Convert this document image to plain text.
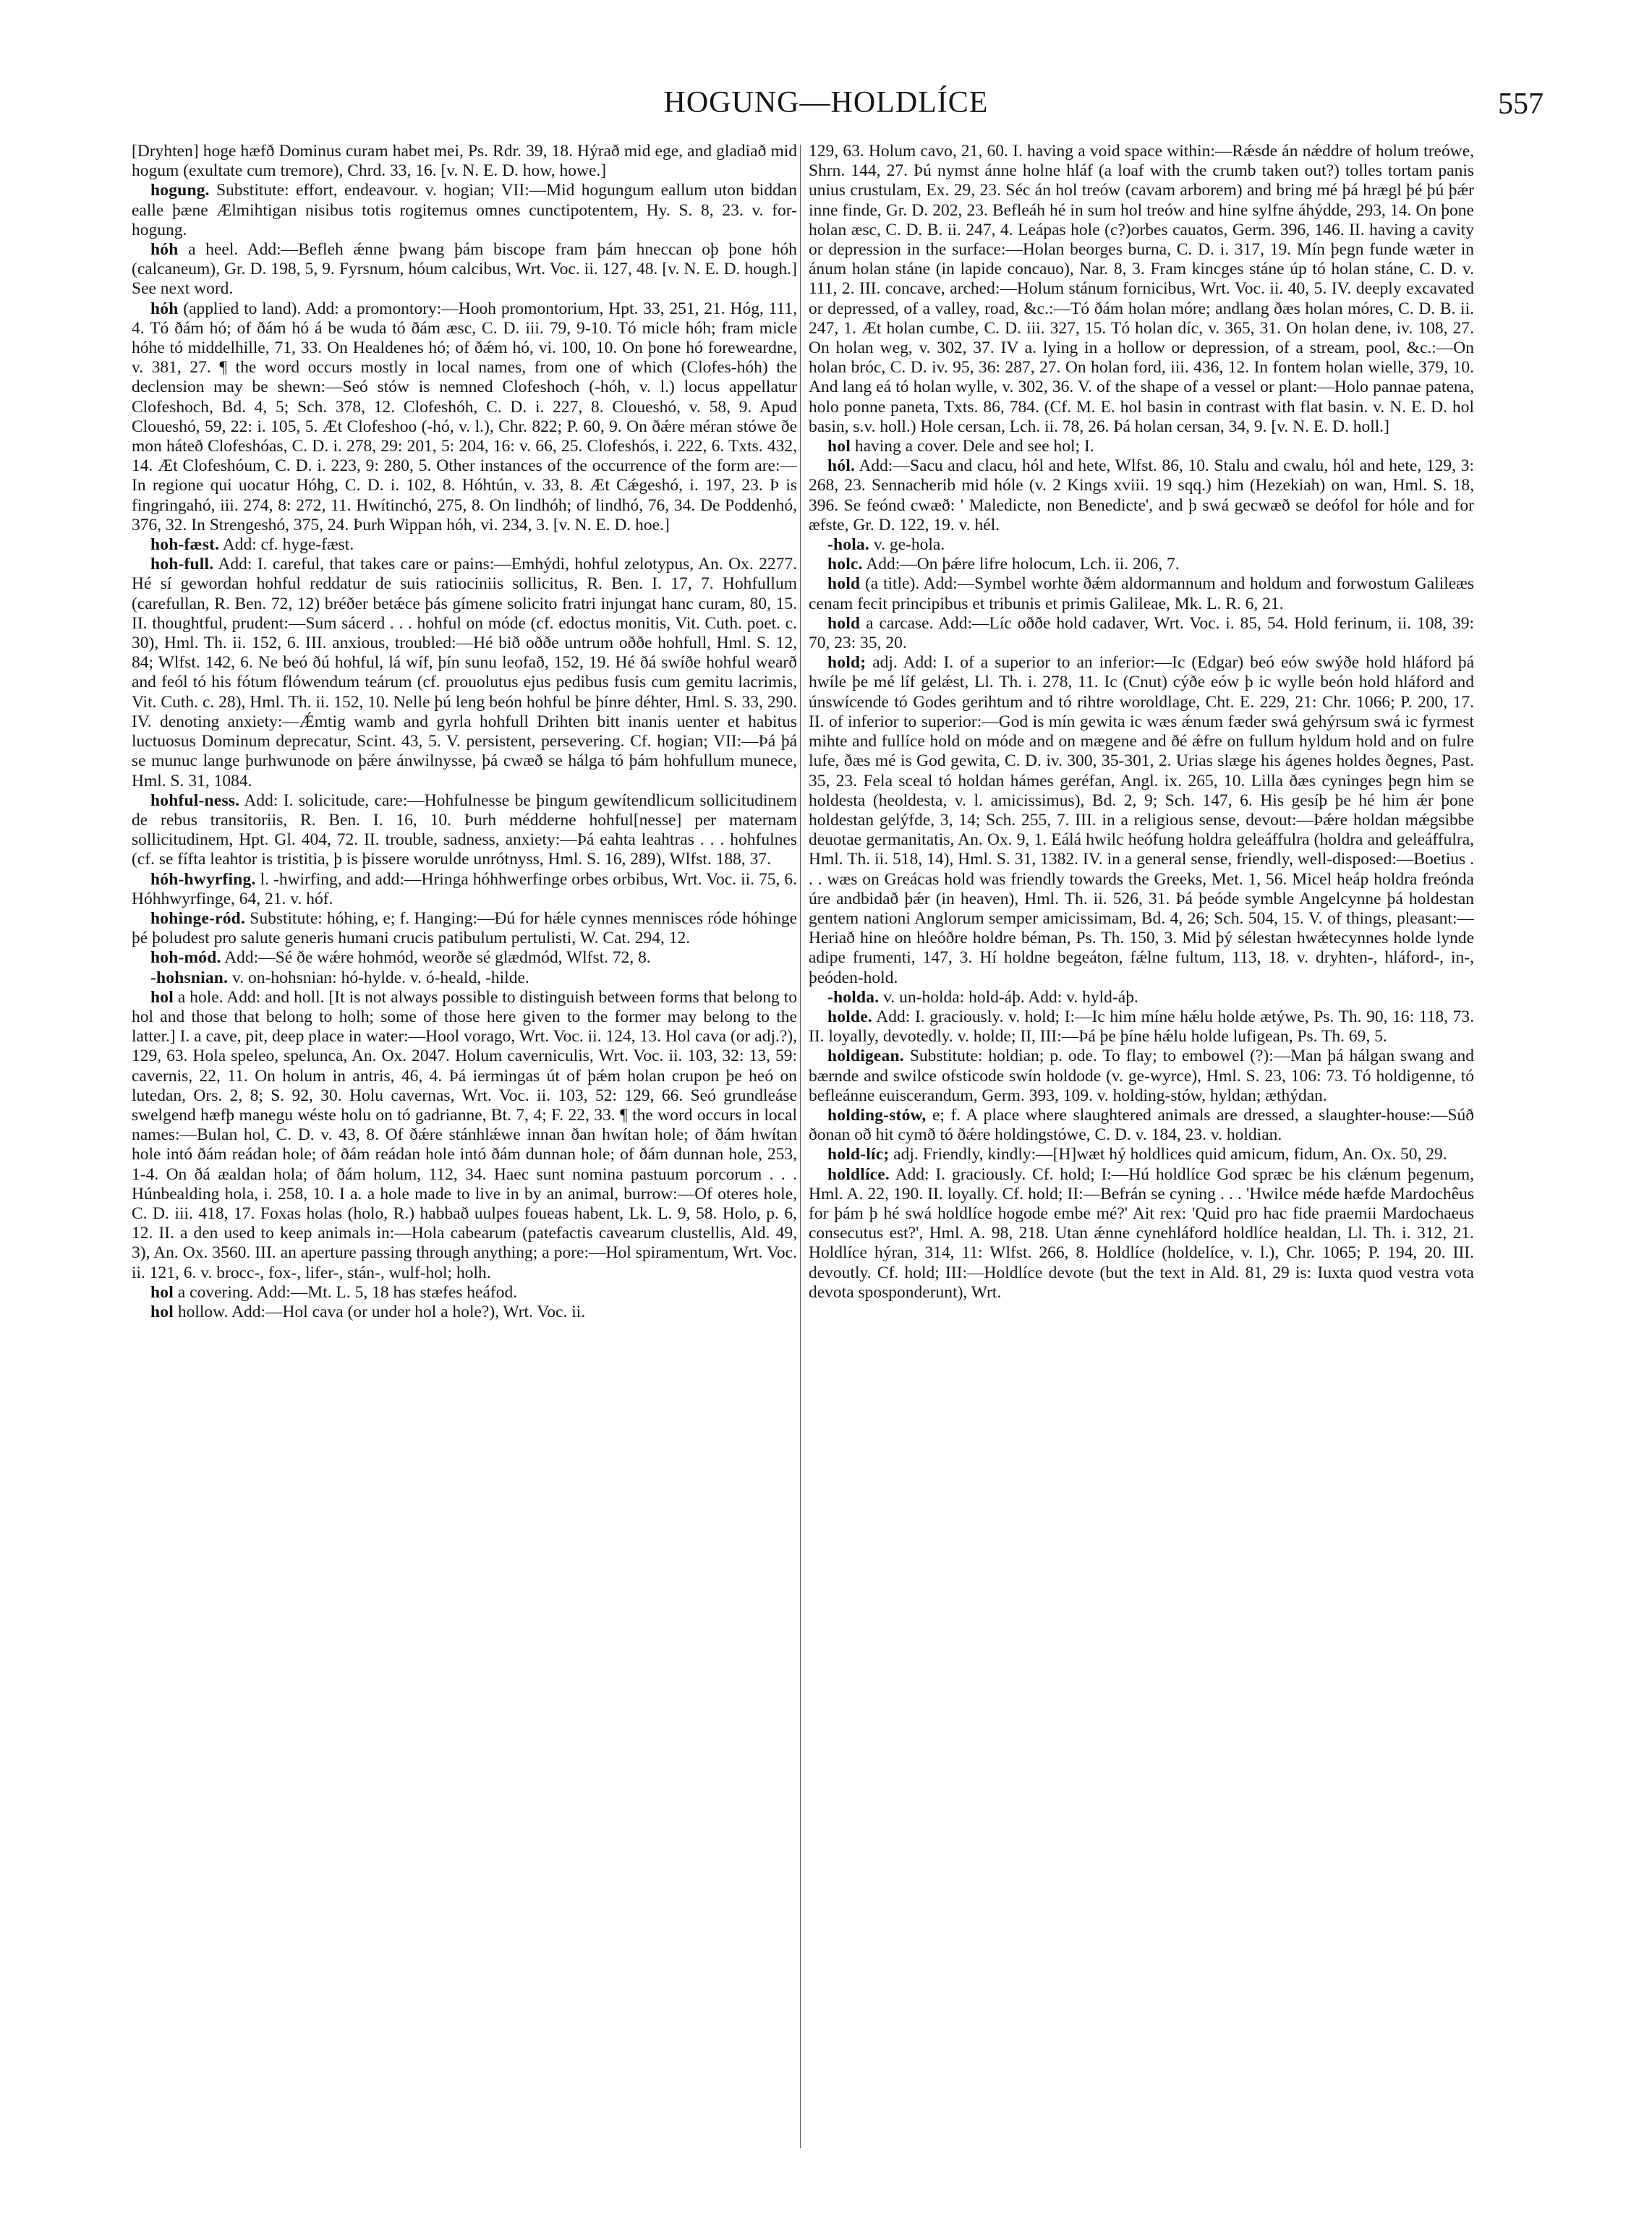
HOGUNG—HOLDLÍCE	557

[Dryhten] hoge hæfð Dominus curam habet mei, Ps. Rdr. 39, 18. Hýrað mid ege, and gladiað mid hogum (exultate cum tremore), Chrd. 33, 16. [v. N. E. D. how, howe.]

hogung. Substitute: effort, endeavour. v. hogian; VII:—Mid hogungum eallum uton biddan ealle þæne Ælmihtigan nisibus totis rogitemus omnes cunctipotentem, Hy. S. 8, 23. v. for-hogung.

hóh a heel. Add:—Befleh ǽnne þwang þám biscope fram þám hneccan oþ þone hóh (calcaneum), Gr. D. 198, 5, 9. Fyrsnum, hóum calcibus, Wrt. Voc. ii. 127, 48. [v. N. E. D. hough.] See next word.

hóh (applied to land). Add: a promontory:—Hooh promontorium, Hpt. 33, 251, 21. Hóg, 111, 4. Tó ðám hó; of ðám hó á be wuda tó ðám æsc, C. D. iii. 79, 9-10. Tó micle hóh; fram micle hóhe tó middelhille, 71, 33. On Healdenes hó; of ðǽm hó, vi. 100, 10. On þone hó foreweardne, v. 381, 27. ¶ the word occurs mostly in local names, from one of which (Clofes-hóh) the declension may be shewn:—Seó stów is nemned Clofeshoch (-hóh, v. l.) locus appellatur Clofeshoch, Bd. 4, 5; Sch. 378, 12. Clofeshóh, C. D. i. 227, 8. Cloueshó, v. 58, 9. Apud Cloueshó, 59, 22: i. 105, 5. Æt Clofeshoo (-hó, v. l.), Chr. 822; P. 60, 9. On ðǽre méran stówe ðe mon háteð Clofeshóas, C. D. i. 278, 29: 201, 5: 204, 16: v. 66, 25. Clofeshós, i. 222, 6. Txts. 432, 14. Æt Clofeshóum, C. D. i. 223, 9: 280, 5. Other instances of the occurrence of the form are:—In regione qui uocatur Hóhg, C. D. i. 102, 8. Hóhtún, v. 33, 8. Æt Cǽgeshó, i. 197, 23. Þ is fingringahó, iii. 274, 8: 272, 11. Hwítinchó, 275, 8. On lindhóh; of lindhó, 76, 34. De Poddenhó, 376, 32. In Strengeshó, 375, 24. Þurh Wippan hóh, vi. 234, 3. [v. N. E. D. hoe.]

hoh-fæst. Add: cf. hyge-fæst.

hoh-full. Add: I. careful, that takes care or pains:—Emhýdi, hohful zelotypus, An. Ox. 2277. Hé sí gewordan hohful reddatur de suis ratiociniis sollicitus, R. Ben. I. 17, 7. Hohfullum (carefullan, R. Ben. 72, 12) bréðer betǽce þás gímene solicito fratri injungat hanc curam, 80, 15. II. thoughtful, prudent:—Sum sácerd . . . hohful on móde (cf. edoctus monitis, Vit. Cuth. poet. c. 30), Hml. Th. ii. 152, 6. III. anxious, troubled:—Hé bið oððe untrum oððe hohfull, Hml. S. 12, 84; Wlfst. 142, 6. Ne beó ðú hohful, lá wíf, þín sunu leofað, 152, 19. Hé ðá swíðe hohful wearð and feól tó his fótum flówendum teárum (cf. prouolutus ejus pedibus fusis cum gemitu lacrimis, Vit. Cuth. c. 28), Hml. Th. ii. 152, 10. Nelle þú leng beón hohful be þínre déhter, Hml. S. 33, 290. IV. denoting anxiety:—Ǽmtig wamb and gyrla hohfull Drihten bitt inanis uenter et habitus luctuosus Dominum deprecatur, Scint. 43, 5. V. persistent, persevering. Cf. hogian; VII:—Þá þá se munuc lange þurhwunode on þǽre ánwilnysse, þá cwæð se hálga tó þám hohfullum munece, Hml. S. 31, 1084.

hohful-ness. Add: I. solicitude, care:—Hohfulnesse be þingum gewítendlicum sollicitudinem de rebus transitoriis, R. Ben. I. 16, 10. Þurh médderne hohful[nesse] per maternam sollicitudinem, Hpt. Gl. 404, 72. II. trouble, sadness, anxiety:—Þá eahta leahtras . . . hohfulnes (cf. se fífta leahtor is tristitia, þ is þissere worulde unrótnyss, Hml. S. 16, 289), Wlfst. 188, 37.

hóh-hwyrfing. l. -hwirfing, and add:—Hringa hóhhwerfinge orbes orbibus, Wrt. Voc. ii. 75, 6. Hóhhwyrfinge, 64, 21. v. hóf.

hohinge-ród. Substitute: hóhing, e; f. Hanging:—Ðú for hǽle cynnes mennisces róde hóhinge þé þoludest pro salute generis humani crucis patibulum pertulisti, W. Cat. 294, 12.

hoh-mód. Add:—Sé ðe wǽre hohmód, weorðe sé glædmód, Wlfst. 72, 8.

-hohsnian. v. on-hohsnian: hó-hylde. v. ó-heald, -hilde.

hol a hole. Add: and holl. [It is not always possible to distinguish between forms that belong to hol and those that belong to holh; some of those here given to the former may belong to the latter.] I. a cave, pit, deep place in water:—Hool vorago, Wrt. Voc. ii. 124, 13. Hol cava (or adj.?), 129, 63. Hola speleo, spelunca, An. Ox. 2047. Holum caverniculis, Wrt. Voc. ii. 103, 32: 13, 59: cavernis, 22, 11. On holum in antris, 46, 4. Þá iermingas út of þǽm holan crupon þe heó on lutedan, Ors. 2, 8; S. 92, 30. Holu cavernas, Wrt. Voc. ii. 103, 52: 129, 66. Seó grundleáse swelgend hæfþ manegu wéste holu on tó gadrianne, Bt. 7, 4; F. 22, 33. ¶ the word occurs in local names:—Bulan hol, C. D. v. 43, 8. Of ðǽre stánhlǽwe innan ðan hwítan hole; of ðám hwítan hole intó ðám reádan hole; of ðám reádan hole intó ðám dunnan hole; of ðám dunnan hole, 253, 1-4. On ðá æaldan hola; of ðám holum, 112, 34. Haec sunt nomina pastuum porcorum . . . Húnbealding hola, i. 258, 10. I a. a hole made to live in by an animal, burrow:—Of oteres hole, C. D. iii. 418, 17. Foxas holas (holo, R.) habbað uulpes foueas habent, Lk. L. 9, 58. Holo, p. 6, 12. II. a den used to keep animals in:—Hola cabearum (patefactis cavearum clustellis, Ald. 49, 3), An. Ox. 3560. III. an aperture passing through anything; a pore:—Hol spiramentum, Wrt. Voc. ii. 121, 6. v. brocc-, fox-, lifer-, stán-, wulf-hol; holh.

hol a covering. Add:—Mt. L. 5, 18 has stæfes heáfod.

hol hollow. Add:—Hol cava (or under hol a hole?), Wrt. Voc. ii.

129, 63. Holum cavo, 21, 60. I. having a void space within:—Rǽsde án nǽddre of holum treówe, Shrn. 144, 27. Þú nymst ánne holne hláf (a loaf with the crumb taken out?) tolles tortam panis unius crustulam, Ex. 29, 23. Séc án hol treów (cavam arborem) and bring mé þá hrægl þé þú þǽr inne finde, Gr. D. 202, 23. Befleáh hé in sum hol treów and hine sylfne áhýdde, 293, 14. On þone holan æsc, C. D. B. ii. 247, 4. Leápas hole (c?)orbes cauatos, Germ. 396, 146. II. having a cavity or depression in the surface:—Holan beorges burna, C. D. i. 317, 19. Mín þegn funde wæter in ánum holan stáne (in lapide concauo), Nar. 8, 3. Fram kincges stáne úp tó holan stáne, C. D. v. 111, 2. III. concave, arched:—Holum stánum fornicibus, Wrt. Voc. ii. 40, 5. IV. deeply excavated or depressed, of a valley, road, &c.:—Tó ðám holan móre; andlang ðæs holan móres, C. D. B. ii. 247, 1. Æt holan cumbe, C. D. iii. 327, 15. Tó holan díc, v. 365, 31. On holan dene, iv. 108, 27. On holan weg, v. 302, 37. IV a. lying in a hollow or depression, of a stream, pool, &c.:—On holan bróc, C. D. iv. 95, 36: 287, 27. On holan ford, iii. 436, 12. In fontem holan wielle, 379, 10. And lang eá tó holan wylle, v. 302, 36. V. of the shape of a vessel or plant:—Holo pannae patena, holo ponne paneta, Txts. 86, 784. (Cf. M. E. hol basin in contrast with flat basin. v. N. E. D. hol basin, s.v. holl.) Hole cersan, Lch. ii. 78, 26. Þá holan cersan, 34, 9. [v. N. E. D. holl.]

hol having a cover. Dele and see hol; I.

hól. Add:—Sacu and clacu, hól and hete, Wlfst. 86, 10. Stalu and cwalu, hól and hete, 129, 3: 268, 23. Sennacherib mid hóle (v. 2 Kings xviii. 19 sqq.) him (Hezekiah) on wan, Hml. S. 18, 396. Se feónd cwæð: ' Maledicte, non Benedicte', and þ swá gecwæð se deófol for hóle and for æfste, Gr. D. 122, 19. v. hél.

-hola. v. ge-hola.

holc. Add:—On þǽre lifre holocum, Lch. ii. 206, 7.

hold (a title). Add:—Symbel worhte ðǽm aldormannum and holdum and forwostum Galileæs cenam fecit principibus et tribunis et primis Galileae, Mk. L. R. 6, 21.

hold a carcase. Add:—Líc oððe hold cadaver, Wrt. Voc. i. 85, 54. Hold ferinum, ii. 108, 39: 70, 23: 35, 20.

hold; adj. Add: I. of a superior to an inferior:—Ic (Edgar) beó eów swýðe hold hláford þá hwíle þe mé líf gelǽst, Ll. Th. i. 278, 11. Ic (Cnut) cýðe eów þ ic wylle beón hold hláford and únswícende tó Godes gerihtum and tó rihtre woroldlage, Cht. E. 229, 21: Chr. 1066; P. 200, 17. II. of inferior to superior:—God is mín gewita ic wæs ǽnum fæder swá gehýrsum swá ic fyrmest mihte and fullíce hold on móde and on mægene and ðé ǽfre on fullum hyldum hold and on fulre lufe, ðæs mé is God gewita, C. D. iv. 300, 35-301, 2. Urias slæge his ágenes holdes ðegnes, Past. 35, 23. Fela sceal tó holdan hámes geréfan, Angl. ix. 265, 10. Lilla ðæs cyninges þegn him se holdesta (heoldesta, v. l. amicissimus), Bd. 2, 9; Sch. 147, 6. His gesíþ þe hé him ǽr þone holdestan gelýfde, 3, 14; Sch. 255, 7. III. in a religious sense, devout:—Þǽre holdan mǽgsibbe deuotae germanitatis, An. Ox. 9, 1. Eálá hwilc heófung holdra geleáffulra (holdra and geleáffulra, Hml. Th. ii. 518, 14), Hml. S. 31, 1382. IV. in a general sense, friendly, well-disposed:—Boetius . . . wæs on Greácas hold was friendly towards the Greeks, Met. 1, 56. Micel heáp holdra freónda úre andbidað þǽr (in heaven), Hml. Th. ii. 526, 31. Þá þeóde symble Angelcynne þá holdestan gentem nationi Anglorum semper amicissimam, Bd. 4, 26; Sch. 504, 15. V. of things, pleasant:—Heriað hine on hleóðre holdre béman, Ps. Th. 150, 3. Mid þý sélestan hwǽtecynnes holde lynde adipe frumenti, 147, 3. Hí holdne begeáton, fǽlne fultum, 113, 18. v. dryhten-, hláford-, in-, þeóden-hold.

-holda. v. un-holda: hold-áþ. Add: v. hyld-áþ.

holde. Add: I. graciously. v. hold; I:—Ic him míne hǽlu holde ætýwe, Ps. Th. 90, 16: 118, 73. II. loyally, devotedly. v. holde; II, III:—Þá þe þíne hǽlu holde lufigean, Ps. Th. 69, 5.

holdigean. Substitute: holdian; p. ode. To flay; to embowel (?):—Man þá hálgan swang and bærnde and swilce ofsticode swín holdode (v. ge-wyrce), Hml. S. 23, 106: 73. Tó holdigenne, tó befleánne euiscerandum, Germ. 393, 109. v. holding-stów, hyldan; æthýdan.

holding-stów, e; f. A place where slaughtered animals are dressed, a slaughter-house:—Súð ðonan oð hit cymð tó ðǽre holdingstówe, C. D. v. 184, 23. v. holdian.

hold-líc; adj. Friendly, kindly:—[H]wæt hý holdlices quid amicum, fidum, An. Ox. 50, 29.

holdlíce. Add: I. graciously. Cf. hold; I:—Hú holdlíce God spræc be his clǽnum þegenum, Hml. A. 22, 190. II. loyally. Cf. hold; II:—Befrán se cyning . . . 'Hwilce méde hæfde Mardochêus for þám þ hé swá holdlíce hogode embe mé?' Ait rex: 'Quid pro hac fide praemii Mardochaeus consecutus est?', Hml. A. 98, 218. Utan ǽnne cynehláford holdlíce healdan, Ll. Th. i. 312, 21. Holdlíce hýran, 314, 11: Wlfst. 266, 8. Holdlíce (holdelíce, v. l.), Chr. 1065; P. 194, 20. III. devoutly. Cf. hold; III:—Holdlíce devote (but the text in Ald. 81, 29 is: Iuxta quod vestra vota devota sposponderunt), Wrt.
